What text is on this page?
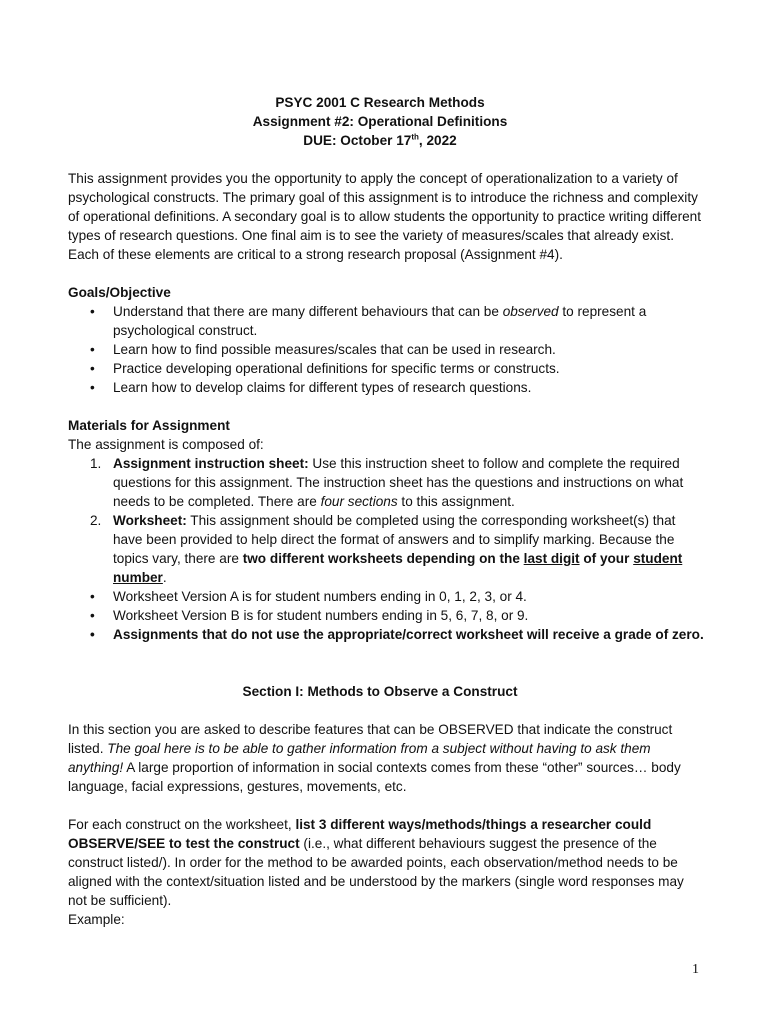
PSYC 2001 C Research Methods
Assignment #2: Operational Definitions
DUE: October 17th, 2022

This assignment provides you the opportunity to apply the concept of operationalization to a variety of psychological constructs. The primary goal of this assignment is to introduce the richness and complexity of operational definitions. A secondary goal is to allow students the opportunity to practice writing different types of research questions. One final aim is to see the variety of measures/scales that already exist. Each of these elements are critical to a strong research proposal (Assignment #4).

Goals/Objective

• Understand that there are many different behaviours that can be observed to represent a psychological construct.
• Learn how to find possible measures/scales that can be used in research.
• Practice developing operational definitions for specific terms or constructs.
• Learn how to develop claims for different types of research questions.

Materials for Assignment

The assignment is composed of:

1. Assignment instruction sheet: Use this instruction sheet to follow and complete the required questions for this assignment. The instruction sheet has the questions and instructions on what needs to be completed. There are four sections to this assignment.
2. Worksheet: This assignment should be completed using the corresponding worksheet(s) that have been provided to help direct the format of answers and to simplify marking. Because the topics vary, there are two different worksheets depending on the last digit of your student number.
• Worksheet Version A is for student numbers ending in 0, 1, 2, 3, or 4.
• Worksheet Version B is for student numbers ending in 5, 6, 7, 8, or 9.
• Assignments that do not use the appropriate/correct worksheet will receive a grade of zero.

Section I: Methods to Observe a Construct

In this section you are asked to describe features that can be OBSERVED that indicate the construct listed. The goal here is to be able to gather information from a subject without having to ask them anything! A large proportion of information in social contexts comes from these “other” sources… body language, facial expressions, gestures, movements, etc.

For each construct on the worksheet, list 3 different ways/methods/things a researcher could OBSERVE/SEE to test the construct (i.e., what different behaviours suggest the presence of the construct listed/). In order for the method to be awarded points, each observation/method needs to be aligned with the context/situation listed and be understood by the markers (single word responses may not be sufficient).

Example:

1
